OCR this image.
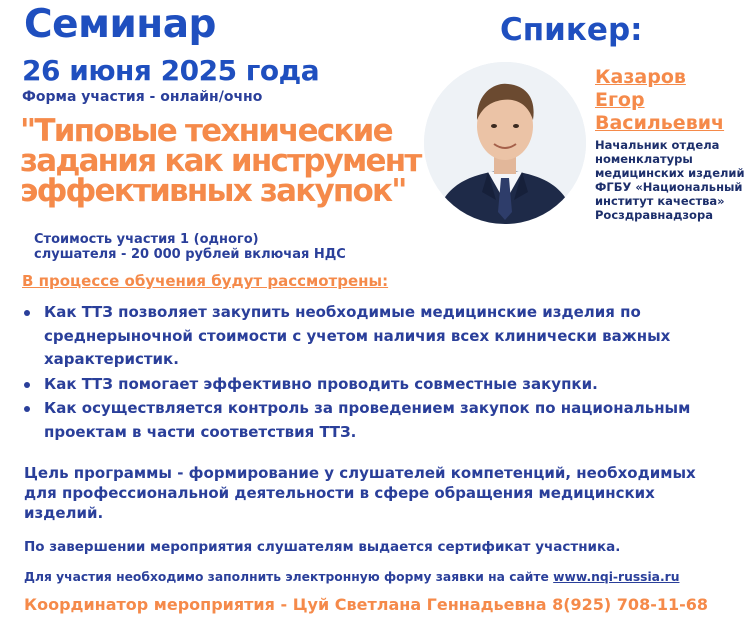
Семинар
26 июня 2025 года
Форма участия - онлайн/очно
"Типовые технические
задания как инструмент
эффективных закупок"
Стоимость участия 1 (одного)
слушателя - 20 000 рублей включая НДС
Спикер:
Казаров
Егор
Васильевич
Начальник отдела
номенклатуры
медицинских изделий
ФГБУ «Национальный
институт качества»
Росздравнадзора
В процессе обучения будут рассмотрены:
Как ТТЗ позволяет закупить необходимые медицинские изделия по
среднерыночной стоимости с учетом наличия всех клинически важных
характеристик.
Как ТТЗ помогает эффективно проводить совместные закупки.
Как осуществляется контроль за проведением закупок по национальным
проектам в части соответствия ТТЗ.
Цель программы - формирование у слушателей компетенций, необходимых
для профессиональной деятельности в сфере обращения медицинских
изделий.
По завершении мероприятия слушателям выдается сертификат участника.
Для участия необходимо заполнить электронную форму заявки на сайте www.nqi-russia.ru
Координатор мероприятия - Цуй Светлана Геннадьевна 8(925) 708-11-68
